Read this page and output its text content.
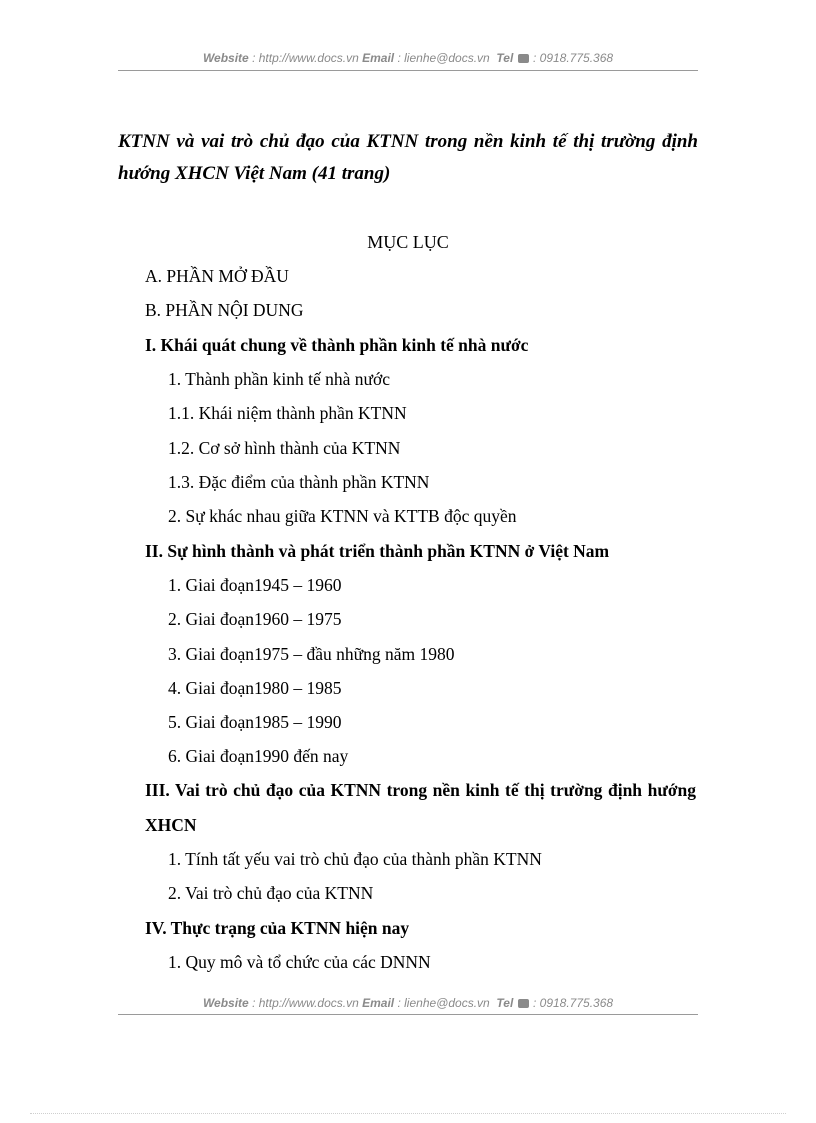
Website : http://www.docs.vn Email : lienhe@docs.vn  Tel  : 0918.775.368
KTNN và vai trò chủ đạo của KTNN trong nền kinh tế thị trường định hướng XHCN Việt Nam (41 trang)
MỤC LỤC
A. PHẦN MỞ ĐẦU
B. PHẦN NỘI DUNG
I. Khái quát chung về thành phần kinh tế nhà nước
1. Thành phần kinh tế nhà nước
1.1. Khái niệm thành phần KTNN
1.2. Cơ sở hình thành của KTNN
1.3. Đặc điểm của thành phần KTNN
2. Sự khác nhau giữa KTNN và KTTB độc quyền
II. Sự hình thành và phát triển thành phần KTNN ở Việt Nam
1. Giai đoạn1945 – 1960
2. Giai đoạn1960 – 1975
3. Giai đoạn1975 – đầu những năm 1980
4. Giai đoạn1980 – 1985
5. Giai đoạn1985 – 1990
6. Giai đoạn1990 đến nay
III. Vai trò chủ đạo của KTNN trong nền kinh tế thị trường định hướng XHCN
1. Tính tất yếu vai trò chủ đạo của thành phần KTNN
2. Vai trò chủ đạo của KTNN
IV. Thực trạng của KTNN hiện nay
1. Quy mô và tổ chức của các DNNN
Website : http://www.docs.vn Email : lienhe@docs.vn  Tel  : 0918.775.368
